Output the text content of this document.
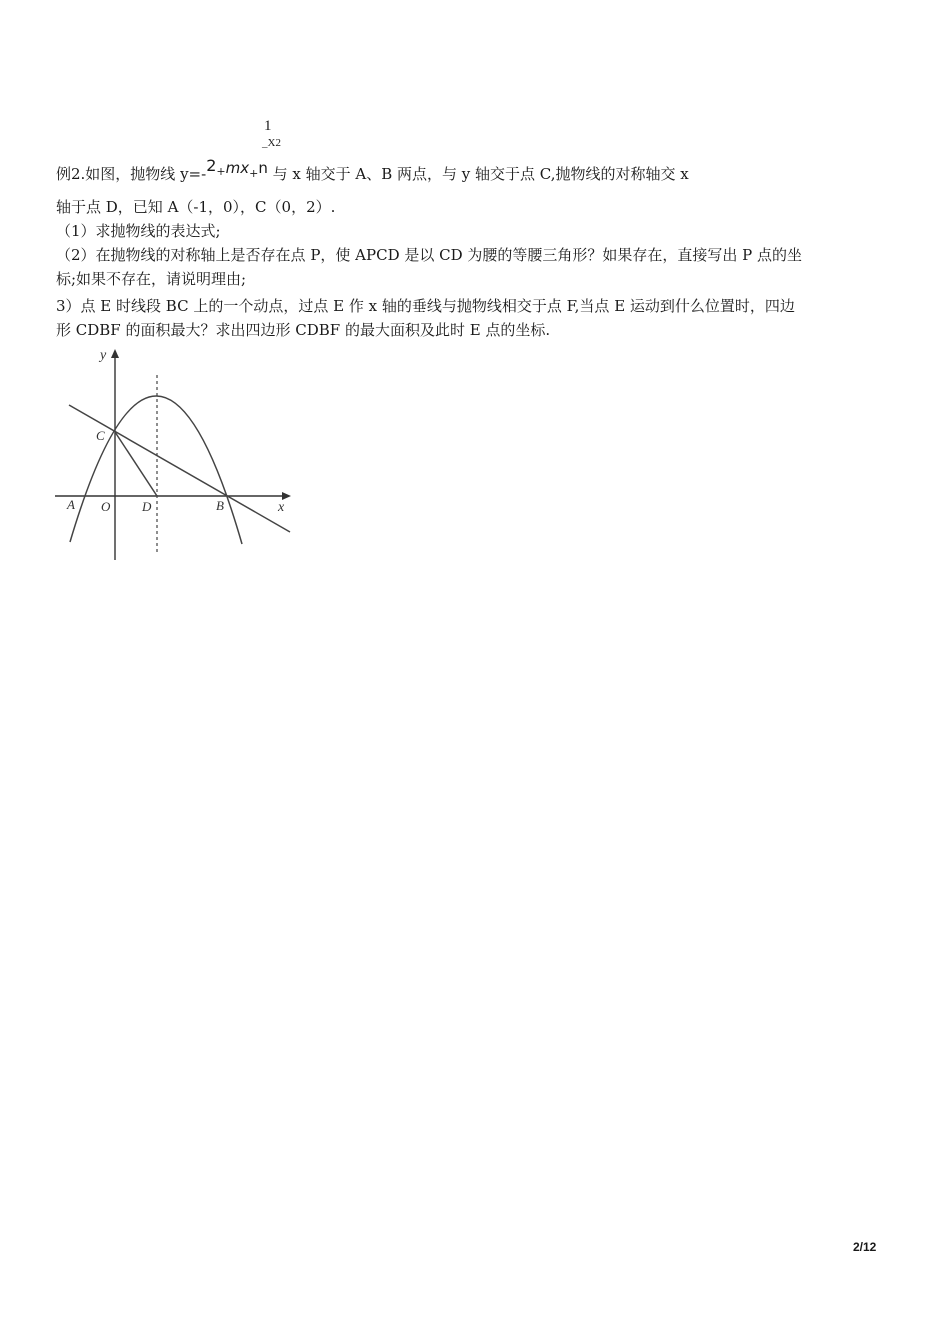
1
_X2
例2.如图，抛物线 y=-2+mx+n 与 x 轴交于 A、B 两点，与 y 轴交于点 C,抛物线的对称轴交 x
轴于点 D，已知 A（-1，0），C（0，2）.
（1）求抛物线的表达式;
（2）在抛物线的对称轴上是否存在点 P，使 APCD 是以 CD 为腰的等腰三角形？如果存在，直接写出 P 点的坐
标;如果不存在，请说明理由;
3）点 E 时线段 BC 上的一个动点，过点 E 作 x 轴的垂线与抛物线相交于点 F,当点 E 运动到什么位置时，四边
形 CDBF 的面积最大？求出四边形 CDBF 的最大面积及此时 E 点的坐标.
y
x
A O D	B
C
2/12
